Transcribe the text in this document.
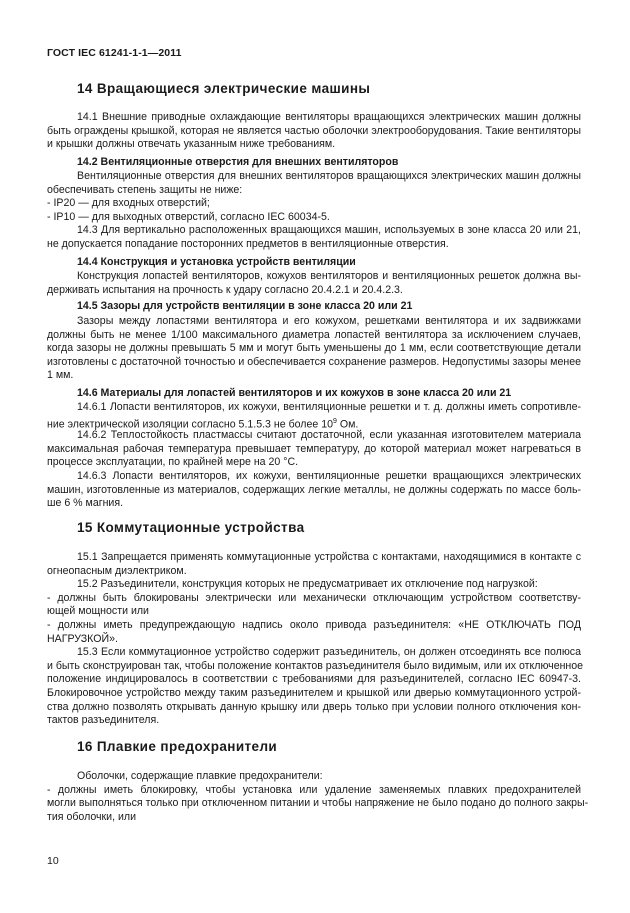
ГОСТ IEC 61241-1-1—2011
14 Вращающиеся электрические машины
14.1 Внешние приводные охлаждающие вентиляторы вращающихся электрических машин должны
быть ограждены крышкой, которая не является частью оболочки электрооборудования. Такие вентиляторы
и крышки должны отвечать указанным ниже требованиям.
14.2 Вентиляционные отверстия для внешних вентиляторов
Вентиляционные отверстия для внешних вентиляторов вращающихся электрических машин должны
обеспечивать степень защиты не ниже:
- IP20 — для входных отверстий;
- IP10 — для выходных отверстий, согласно IEC 60034-5.
14.3 Для вертикально расположенных вращающихся машин, используемых в зоне класса 20 или 21,
не допускается попадание посторонних предметов в вентиляционные отверстия.
14.4 Конструкция и установка устройств вентиляции
Конструкция лопастей вентиляторов, кожухов вентиляторов и вентиляционных решеток должна вы-
держивать испытания на прочность к удару согласно 20.4.2.1 и 20.4.2.3.
14.5 Зазоры для устройств вентиляции в зоне класса 20 или 21
Зазоры между лопастями вентилятора и его кожухом, решетками вентилятора и их задвижками
должны быть не менее 1/100 максимального диаметра лопастей вентилятора за исключением случаев,
когда зазоры не должны превышать 5 мм и могут быть уменьшены до 1 мм, если соответствующие детали
изготовлены с достаточной точностью и обеспечивается сохранение размеров. Недопустимы зазоры менее
1 мм.
14.6 Материалы для лопастей вентиляторов и их кожухов в зоне класса 20 или 21
14.6.1 Лопасти вентиляторов, их кожухи, вентиляционные решетки и т. д. должны иметь сопротивле-
ние электрической изоляции согласно 5.1.5.3 не более $10^9$ Ом.
14.6.2 Теплостойкость пластмассы считают достаточной, если указанная изготовителем материала
максимальная рабочая температура превышает температуру, до которой материал может нагреваться в
процессе эксплуатации, по крайней мере на 20 °С.
14.6.3 Лопасти вентиляторов, их кожухи, вентиляционные решетки вращающихся электрических
машин, изготовленные из материалов, содержащих легкие металлы, не должны содержать по массе боль-
ше 6 % магния.
15 Коммутационные устройства
15.1 Запрещается применять коммутационные устройства с контактами, находящимися в контакте с
огнеопасным диэлектриком.
15.2 Разъединители, конструкция которых не предусматривает их отключение под нагрузкой:
- должны быть блокированы электрически или механически отключающим устройством соответству-
ющей мощности или
- должны иметь предупреждающую надпись около привода разъединителя: «НЕ ОТКЛЮЧАТЬ ПОД
НАГРУЗКОЙ».
15.3 Если коммутационное устройство содержит разъединитель, он должен отсоединять все полюса
и быть сконструирован так, чтобы положение контактов разъединителя было видимым, или их отключенное
положение индицировалось в соответствии с требованиями для разъединителей, согласно IEC 60947-3.
Блокировочное устройство между таким разъединителем и крышкой или дверью коммутационного устрой-
ства должно позволять открывать данную крышку или дверь только при условии полного отключения кон-
тактов разъединителя.
16 Плавкие предохранители
Оболочки, содержащие плавкие предохранители:
- должны иметь блокировку, чтобы установка или удаление заменяемых плавких предохранителей
могли выполняться только при отключенном питании и чтобы напряжение не было подано до полного закры-
тия оболочки, или
10
